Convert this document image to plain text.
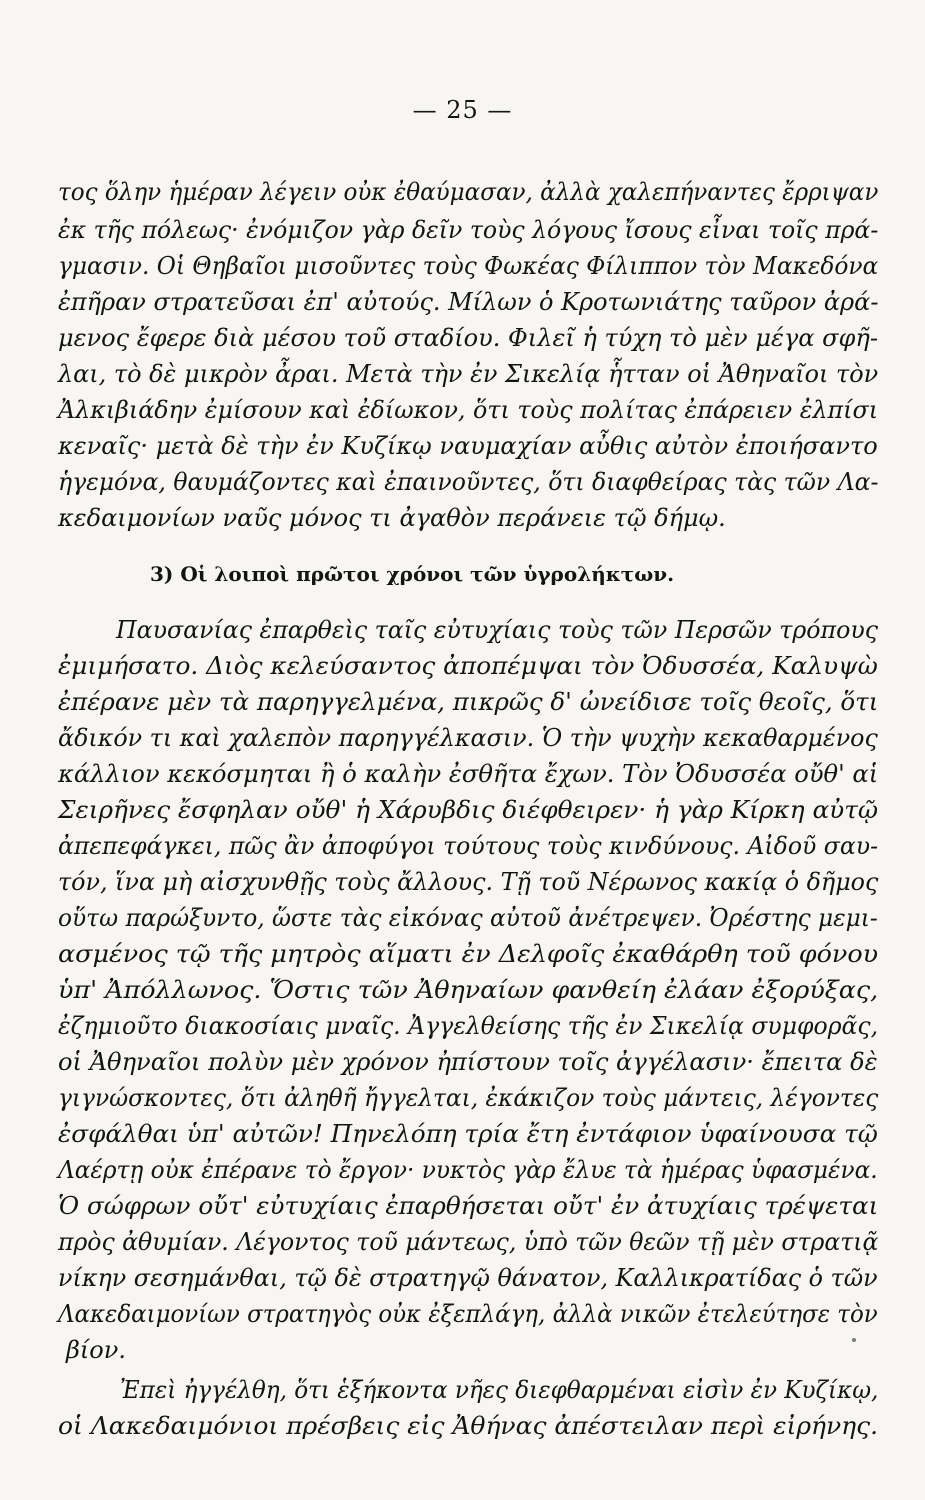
— 25 —
τος ὅλην ἡμέραν λέγειν οὐκ ἐθαύμασαν, ἀλλὰ χαλεπήναντες ἔρριψαν
ἐκ τῆς πόλεως· ἐνόμιζον γὰρ δεῖν τοὺς λόγους ἴσους εἶναι τοῖς πρά-
γμασιν. Οἱ Θηβαῖοι μισοῦντες τοὺς Φωκέας Φίλιππον τὸν Μακεδόνα
ἐπῆραν στρατεῦσαι ἐπ' αὐτούς. Μίλων ὁ Κροτωνιάτης ταῦρον ἀρά-
μενος ἔφερε διὰ μέσου τοῦ σταδίου. Φιλεῖ ἡ τύχη τὸ μὲν μέγα σφῆ-
λαι, τὸ δὲ μικρὸν ἆραι. Μετὰ τὴν ἐν Σικελίᾳ ἧτταν οἱ Ἀθηναῖοι τὸν
Ἀλκιβιάδην ἐμίσουν καὶ ἐδίωκον, ὅτι τοὺς πολίτας ἐπάρειεν ἐλπίσι
κεναῖς· μετὰ δὲ τὴν ἐν Κυζίκῳ ναυμαχίαν αὖθις αὐτὸν ἐποιήσαντο
ἡγεμόνα, θαυμάζοντες καὶ ἐπαινοῦντες, ὅτι διαφθείρας τὰς τῶν Λα-
κεδαιμονίων ναῦς μόνος τι ἀγαθὸν περάνειε τῷ δήμῳ.
3) Οἱ λοιποὶ πρῶτοι χρόνοι τῶν ὑγρολήκτων.
Παυσανίας ἐπαρθεὶς ταῖς εὐτυχίαις τοὺς τῶν Περσῶν τρόπους
ἐμιμήσατο. Διὸς κελεύσαντος ἀποπέμψαι τὸν Ὀδυσσέα, Καλυψὼ
ἐπέρανε μὲν τὰ παρηγγελμένα, πικρῶς δ' ὠνείδισε τοῖς θεοῖς, ὅτι
ἄδικόν τι καὶ χαλεπὸν παρηγγέλκασιν. Ὁ τὴν ψυχὴν κεκαθαρμένος
κάλλιον κεκόσμηται ἢ ὁ καλὴν ἐσθῆτα ἔχων. Τὸν Ὀδυσσέα οὔθ' αἱ
Σειρῆνες ἔσφηλαν οὔθ' ἡ Χάρυβδις διέφθειρεν· ἡ γὰρ Κίρκη αὐτῷ
ἀπεπεφάγκει, πῶς ἂν ἀποφύγοι τούτους τοὺς κινδύνους. Αἰδοῦ σαυ-
τόν, ἵνα μὴ αἰσχυνθῇς τοὺς ἄλλους. Τῇ τοῦ Νέρωνος κακίᾳ ὁ δῆμος
οὕτω παρώξυντο, ὥστε τὰς εἰκόνας αὐτοῦ ἀνέτρεψεν. Ὀρέστης μεμι-
ασμένος τῷ τῆς μητρὸς αἵματι ἐν Δελφοῖς ἐκαθάρθη τοῦ φόνου
ὑπ' Ἀπόλλωνος. Ὅστις τῶν Ἀθηναίων φανθείη ἐλάαν ἐξορύξας,
ἐζημιοῦτο διακοσίαις μναῖς. Ἀγγελθείσης τῆς ἐν Σικελίᾳ συμφορᾶς,
οἱ Ἀθηναῖοι πολὺν μὲν χρόνον ἠπίστουν τοῖς ἀγγέλασιν· ἔπειτα δὲ
γιγνώσκοντες, ὅτι ἀληθῆ ἤγγελται, ἐκάκιζον τοὺς μάντεις, λέγοντες
ἐσφάλθαι ὑπ' αὐτῶν! Πηνελόπη τρία ἔτη ἐντάφιον ὑφαίνουσα τῷ
Λαέρτῃ οὐκ ἐπέρανε τὸ ἔργον· νυκτὸς γὰρ ἔλυε τὰ ἡμέρας ὑφασμένα.
Ὁ σώφρων οὔτ' εὐτυχίαις ἐπαρθήσεται οὔτ' ἐν ἀτυχίαις τρέψεται
πρὸς ἀθυμίαν. Λέγοντος τοῦ μάντεως, ὑπὸ τῶν θεῶν τῇ μὲν στρατιᾷ
νίκην σεσημάνθαι, τῷ δὲ στρατηγῷ θάνατον, Καλλικρατίδας ὁ τῶν
Λακεδαιμονίων στρατηγὸς οὐκ ἐξεπλάγη, ἀλλὰ νικῶν ἐτελεύτησε τὸν
βίον.
Ἐπεὶ ἠγγέλθη, ὅτι ἑξήκοντα νῆες διεφθαρμέναι εἰσὶν ἐν Κυζίκῳ,
οἱ Λακεδαιμόνιοι πρέσβεις εἰς Ἀθήνας ἀπέστειλαν περὶ εἰρήνης.
